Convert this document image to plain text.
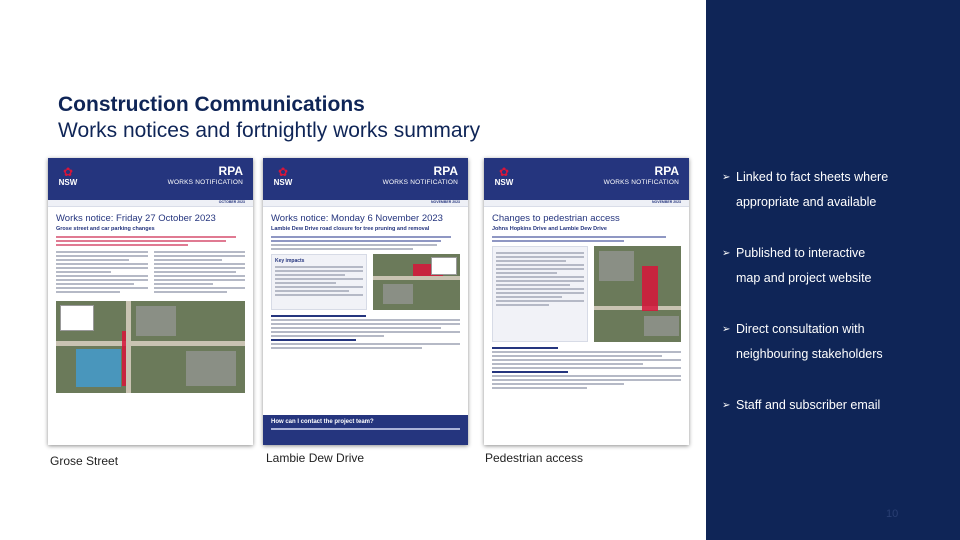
Construction Communications
Works notices and fortnightly works summary
✿
NSW
RPA
WORKS NOTIFICATION
OCTOBER 2023
Works notice: Friday 27 October 2023
Grose street and car parking changes
✿
NSW
RPA
WORKS NOTIFICATION
NOVEMBER 2023
Works notice: Monday 6 November 2023
Lambie Dew Drive road closure for tree pruning and removal
Key impacts
How can I contact the project team?
✿
NSW
RPA
WORKS NOTIFICATION
NOVEMBER 2023
Changes to pedestrian access
Johns Hopkins Drive and Lambie Dew Drive
Grose Street	Lambie Dew Drive	Pedestrian access
➢ Linked to fact sheets where
appropriate and available
➢ Published to interactive
map and project website
➢ Direct consultation with
neighbouring stakeholders
➢ Staff and subscriber email
10
